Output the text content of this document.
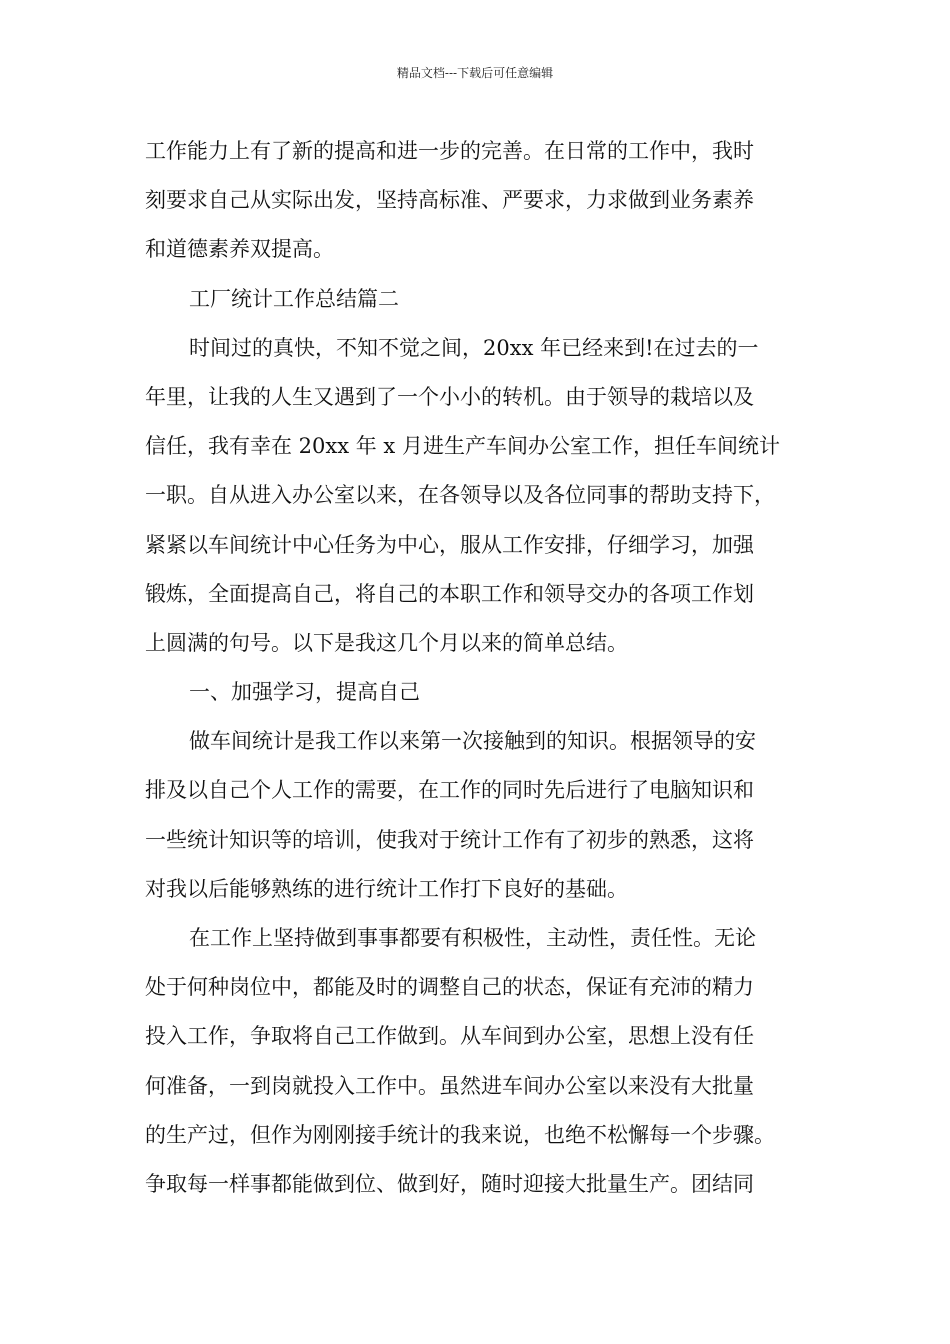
精品文档---下载后可任意编辑
工作能力上有了新的提高和进一步的完善。在日常的工作中，我时
刻要求自己从实际出发，坚持高标准、严要求，力求做到业务素养
和道德素养双提高。
工厂统计工作总结篇二
时间过的真快，不知不觉之间，20xx 年已经来到!在过去的一
年里，让我的人生又遇到了一个小小的转机。由于领导的栽培以及
信任，我有幸在 20xx 年 x 月进生产车间办公室工作，担任车间统计
一职。自从进入办公室以来，在各领导以及各位同事的帮助支持下，
紧紧以车间统计中心任务为中心，服从工作安排，仔细学习，加强
锻炼，全面提高自己，将自己的本职工作和领导交办的各项工作划
上圆满的句号。以下是我这几个月以来的简单总结。
一、加强学习，提高自己
做车间统计是我工作以来第一次接触到的知识。根据领导的安
排及以自己个人工作的需要，在工作的同时先后进行了电脑知识和
一些统计知识等的培训，使我对于统计工作有了初步的熟悉，这将
对我以后能够熟练的进行统计工作打下良好的基础。
在工作上坚持做到事事都要有积极性，主动性，责任性。无论
处于何种岗位中，都能及时的调整自己的状态，保证有充沛的精力
投入工作，争取将自己工作做到。从车间到办公室，思想上没有任
何准备，一到岗就投入工作中。虽然进车间办公室以来没有大批量
的生产过，但作为刚刚接手统计的我来说，也绝不松懈每一个步骤。
争取每一样事都能做到位、做到好，随时迎接大批量生产。团结同
